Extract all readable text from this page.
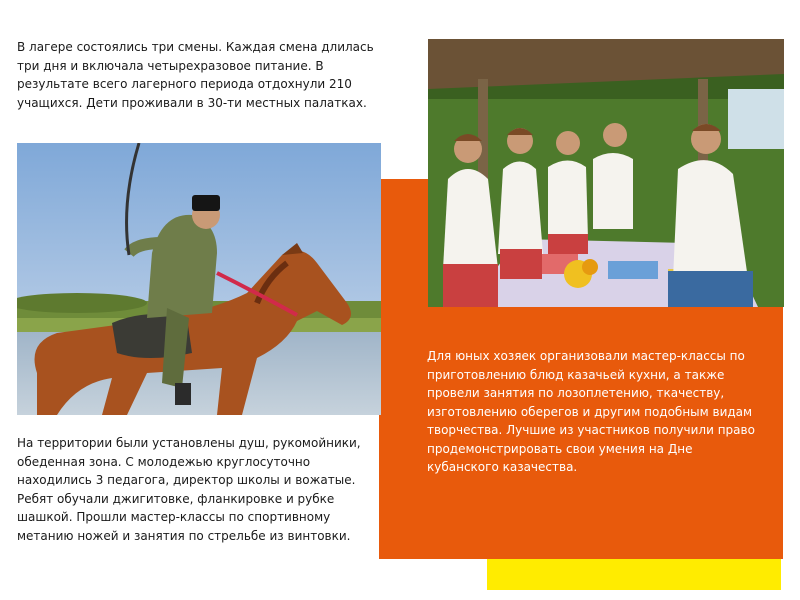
В лагере состоялись три смены. Каждая смена длилась три дня и включала четырехразовое питание. В результате всего лагерного периода отдохнули 210 учащихся. Дети проживали в 30-ти местных палатках.

На территории были установлены душ, рукомойники, обеденная зона. С молодежью круглосуточно находились 3 педагога, директор школы и вожатые. Ребят обучали джигитовке, фланкировке и рубке шашкой. Прошли мастер-классы по спортивному метанию ножей и занятия по стрельбе из винтовки.

Для юных хозяек организовали мастер-классы по приготовлению блюд казачьей кухни, а также провели занятия по лозоплетению, ткачеству, изготовлению оберегов и другим подобным видам творчества. Лучшие из участников получили право продемонстрировать свои умения на Дне кубанского казачества.
